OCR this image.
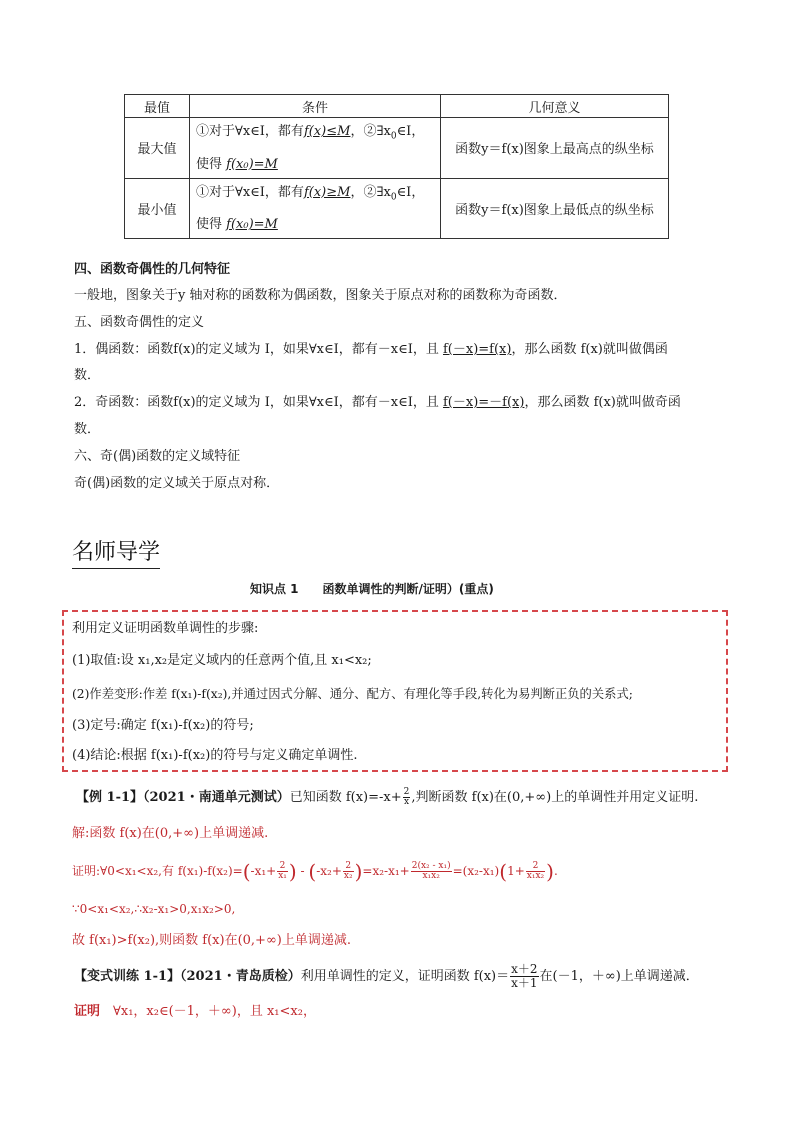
最值	条件	几何意义
最大值	①对于∀x∈I，都有f(x)≤M，$②\exists x_0\in I$，
使得 f(x₀)=M	函数y＝f(x)图象上最高点的纵坐标
最小值	①对于∀x∈I，都有f(x)≥M，$②\exists x_0\in I$，
使得 f(x₀)=M	函数y＝f(x)图象上最低点的纵坐标
四、函数奇偶性的几何特征
一般地，图象关于y 轴对称的函数称为偶函数，图象关于原点对称的函数称为奇函数．
五、函数奇偶性的定义
1．偶函数：函数f(x)的定义域为 I，如果∀x∈I，都有－x∈I，且 f(－x)=f(x)，那么函数 f(x)就叫做偶函
数．
2．奇函数：函数f(x)的定义域为 I，如果∀x∈I，都有－x∈I，且 f(－x)=－f(x)，那么函数 f(x)就叫做奇函
数．
六、奇(偶)函数的定义域特征
奇(偶)函数的定义域关于原点对称．
名师导学
知识点 1　　函数单调性的判断/证明）(重点)
利用定义证明函数单调性的步骤:
(1)取值:设 x₁,x₂是定义域内的任意两个值,且 x₁<x₂;
(2)作差变形:作差 f(x₁)-f(x₂),并通过因式分解、通分、配方、有理化等手段,转化为易判断正负的关系式;
(3)定号:确定 f(x₁)-f(x₂)的符号;
(4)结论:根据 f(x₁)-f(x₂)的符号与定义确定单调性.
【例 1-1】（2021・南通单元测试）已知函数 $f(x)=-x+ \frac{2}{x}$ ,判断函数 f(x)在(0,+∞)上的单调性并用定义证明.
解:函数 f(x)在(0,+∞)上单调递减.
证明:∀0<x₁<x₂,有 $f(x_1)-f(x_2)=(-x_1+ \frac{2}{\text{x₁}}$ ) - $(-x_2+ \frac{2}{\text{x₂}} )=x_2-x_1+ \frac{\text{2(x₂ - x₁)}}{\text{x₁x₂}} =(x_2-x_1)(1+ \frac{2}{\text{x₁x₂}}$ ).
∵0<x₁<x₂,∴x₂-x₁>0,x₁x₂>0,
故 f(x₁)>f(x₂),则函数 f(x)在(0,+∞)上单调递减.
【变式训练 1-1】（2021・青岛质检）利用单调性的定义，证明函数 $f(x)= \frac{x+2}{x+1}$ 在(－1，＋∞)上单调递减．
证明　 ∀x₁，x₂∈(－1，＋∞)，且 x₁<x₂，
